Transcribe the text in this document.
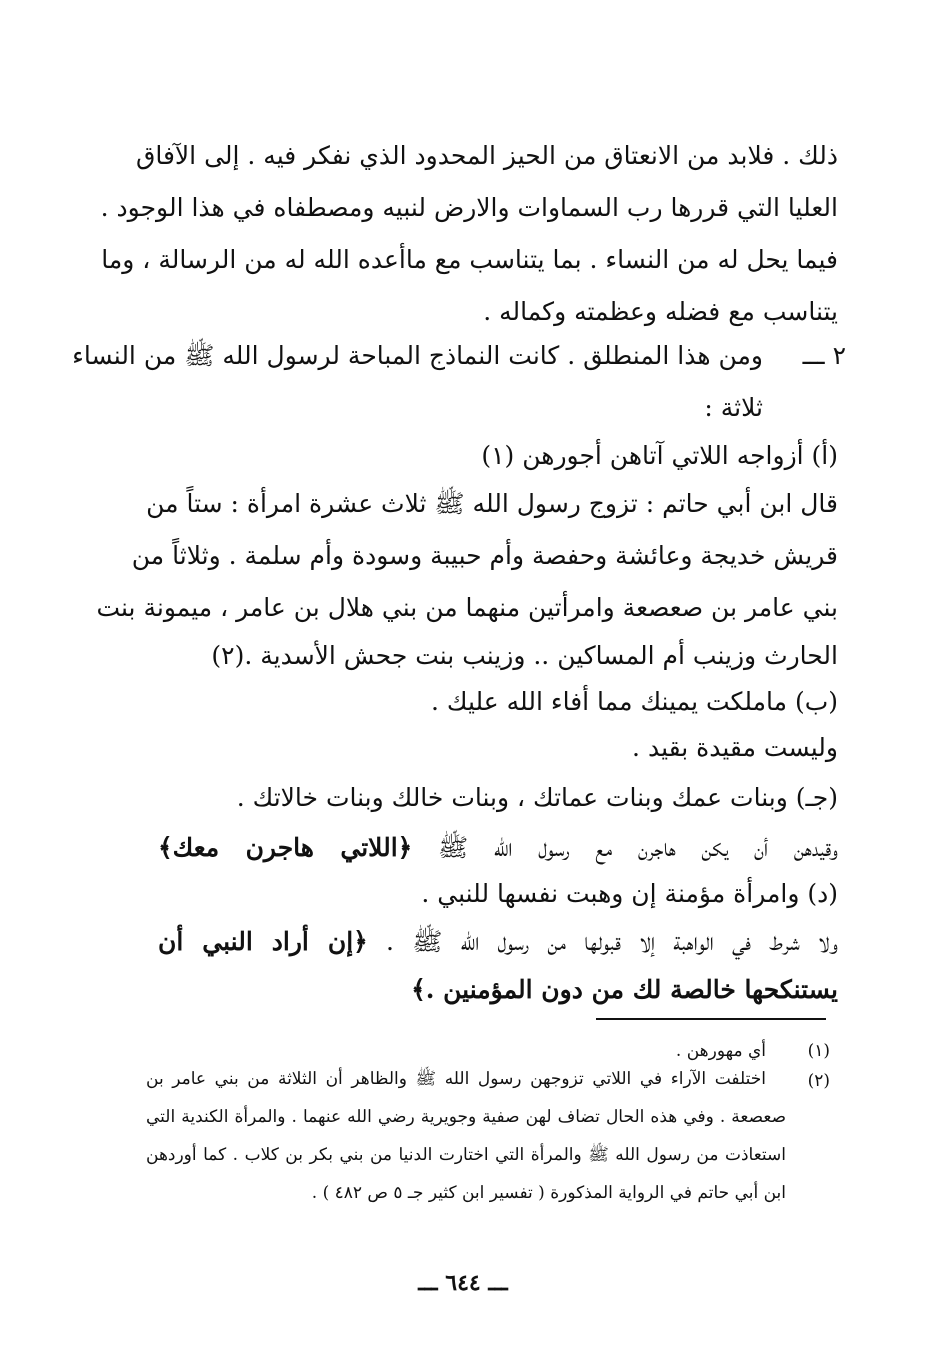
ذلك . فلابد من الانعتاق من الحيز المحدود الذي نفكر فيه . إلى الآفاق
العليا التي قررها رب السماوات والارض لنبيه ومصطفاه في هذا الوجود .
فيما يحل له من النساء . بما يتناسب مع ماأعده الله له من الرسالة ، وما
يتناسب مع فضله وعظمته وكماله .
٢ ـــ
ومن هذا المنطلق . كانت النماذج المباحة لرسول الله ﷺ من النساء
ثلاثة :
(أ) أزواجه اللاتي آتاهن أجورهن (١)
قال ابن أبي حاتم : تزوج رسول الله ﷺ ثلاث عشرة امرأة : ستاً من
قريش خديجة وعائشة وحفصة وأم حبيبة وسودة وأم سلمة . وثلاثاً من
بني عامر بن صعصعة وامرأتين منهما من بني هلال بن عامر ، ميمونة بنت
الحارث وزينب أم المساكين .. وزينب بنت جحش الأسدية .(٢)
(ب) ماملكت يمينك مما أفاء الله عليك .
وليست مقيدة بقيد .
(جـ) وبنات عمك وبنات عماتك ، وبنات خالك وبنات خالاتك .
وقيدهن أن يكن هاجرن مع رسول الله ﷺ ﴿اللاتي هاجرن معك﴾
(د) وامرأة مؤمنة إن وهبت نفسها للنبي .
ولا شرط في الواهبة إلا قبولها من رسول الله ﷺ . ﴿إن أراد النبي أن
يستنكحها خالصة لك من دون المؤمنين .﴾
(١)
أي مهورهن .
(٢)
اختلفت الآراء في اللاتي تزوجهن رسول الله ﷺ والظاهر أن الثلاثة من بني عامر بن
صعصعة . وفي هذه الحال تضاف لهن صفية وجويرية رضي الله عنهما . والمرأة الكندية التي
استعاذت من رسول الله ﷺ والمرأة التي اختارت الدنيا من بني بكر بن كلاب . كما أوردهن
ابن أبي حاتم في الرواية المذكورة ( تفسير ابن كثير جـ ٥ ص ٤٨٢ ) .
ـــ ٦٤٤ ـــ
